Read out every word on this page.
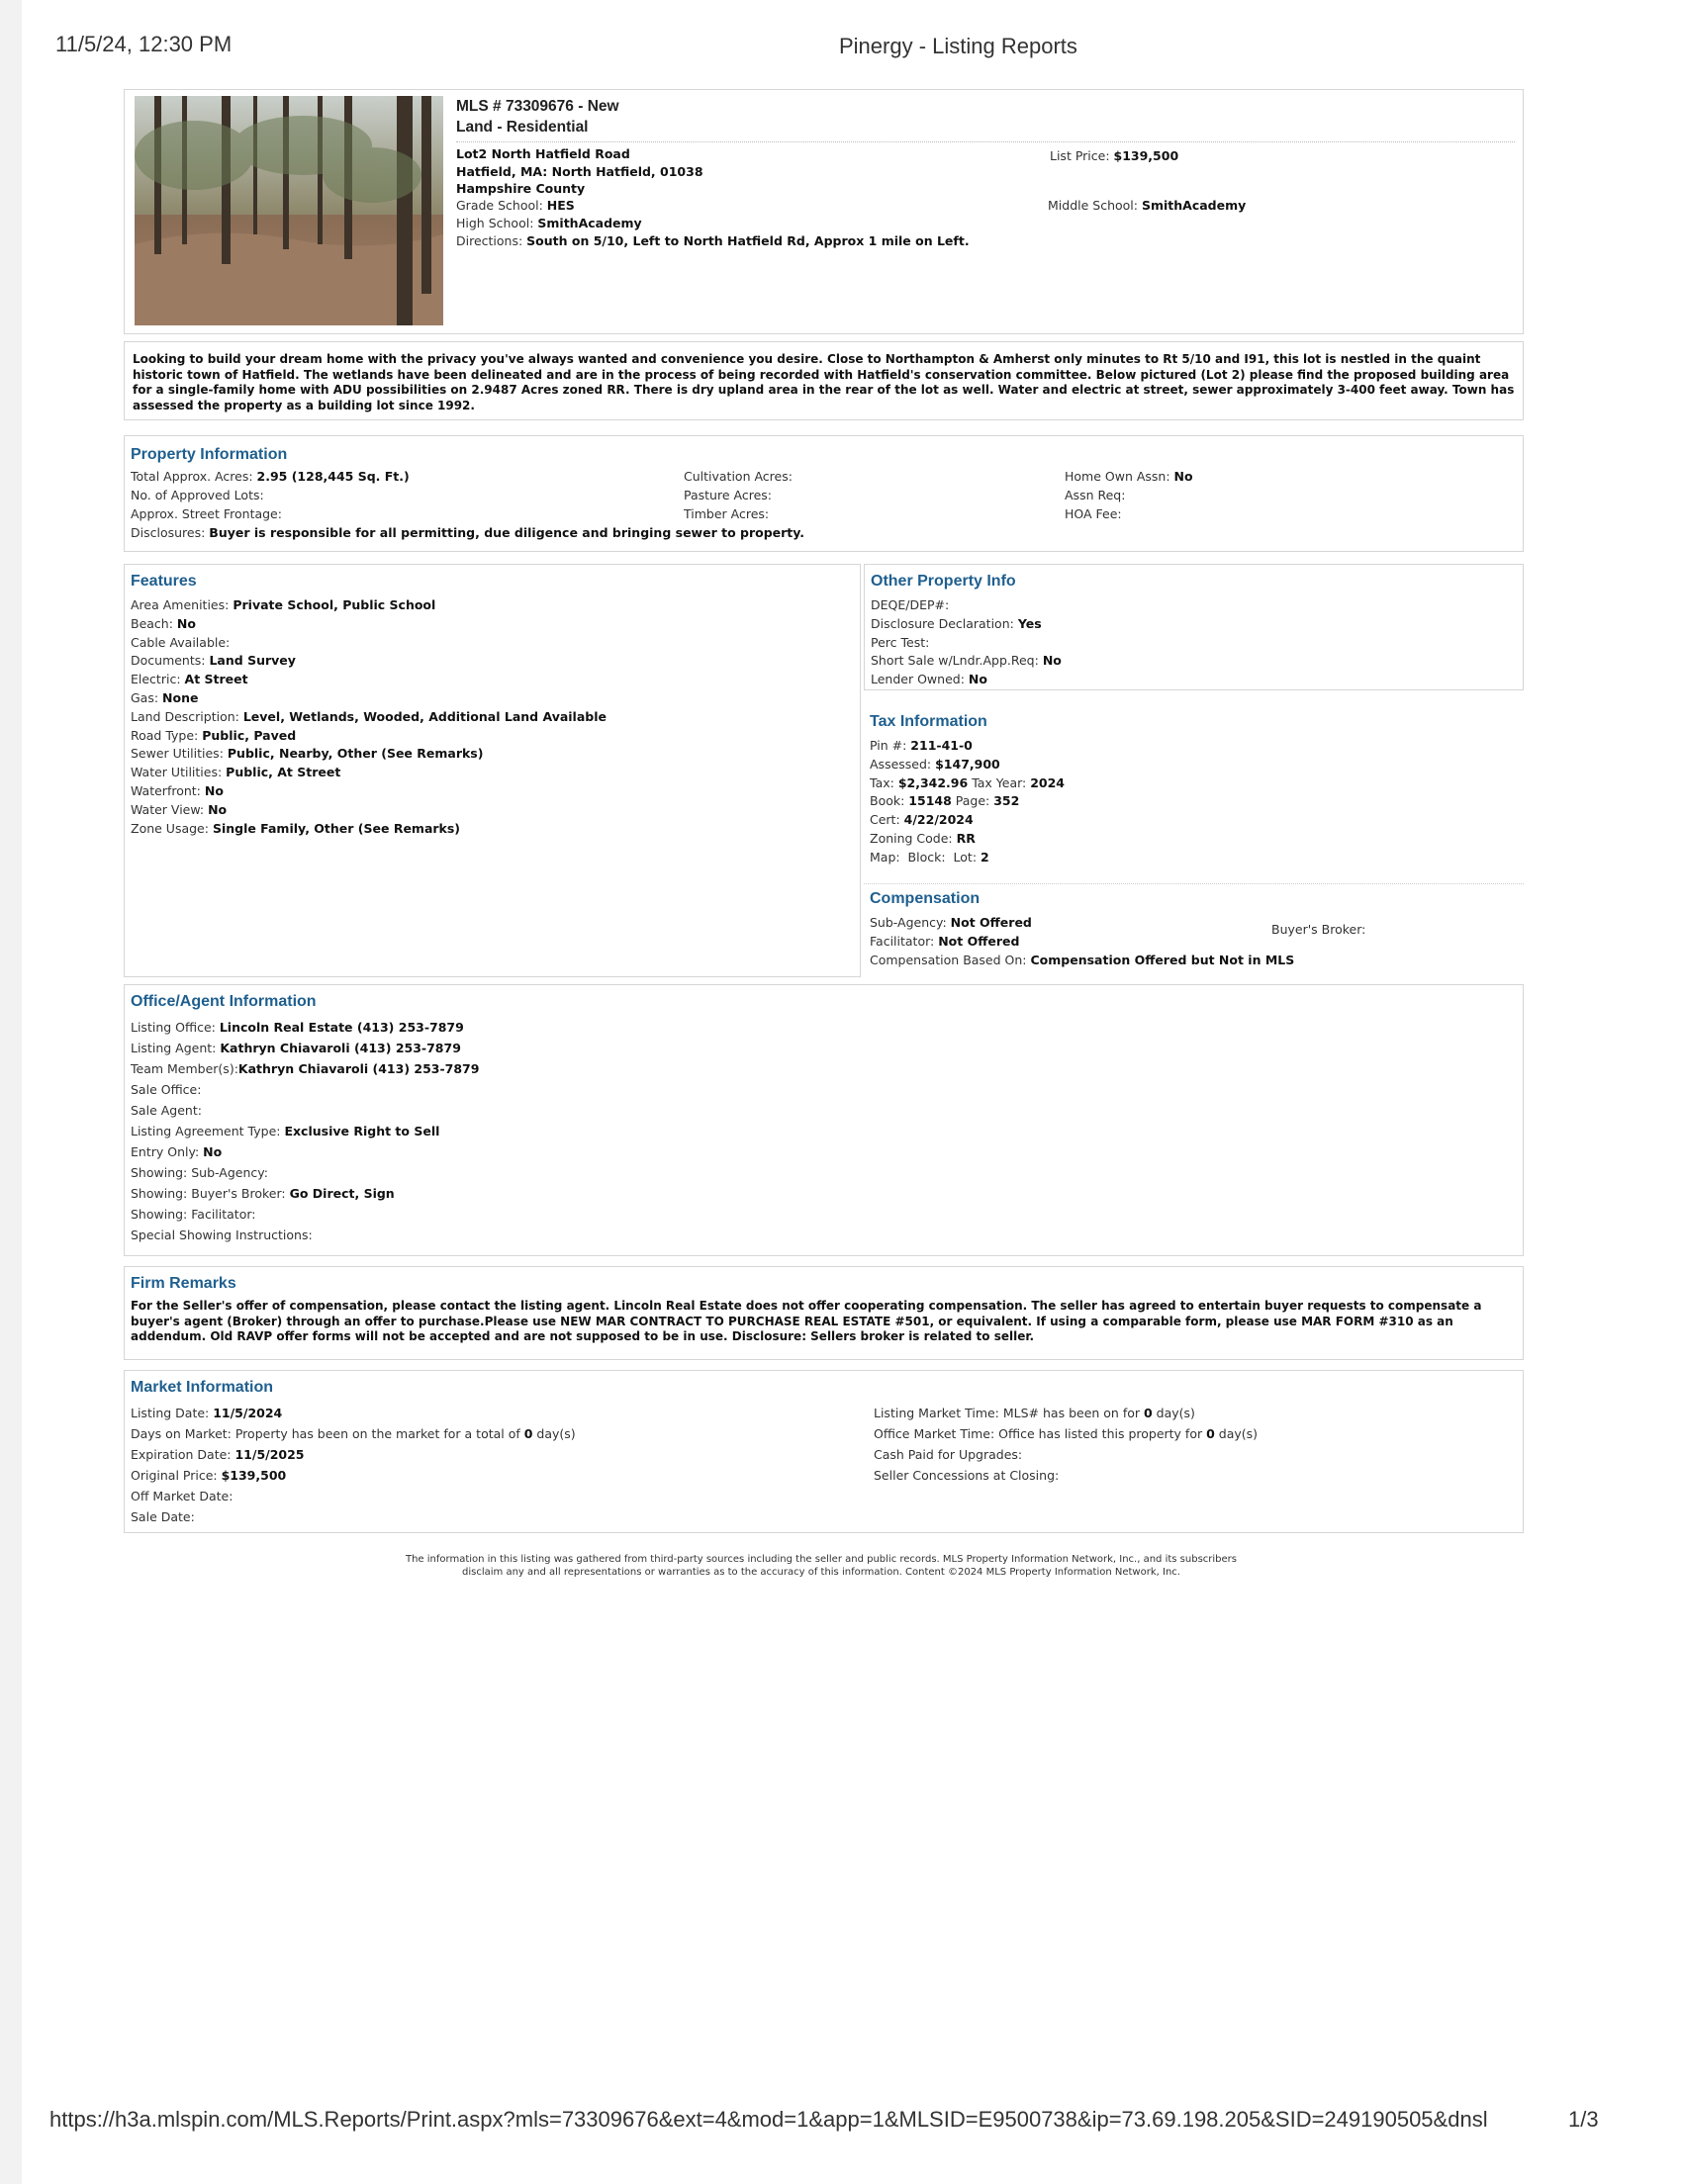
11/5/24, 12:30 PM	Pinergy - Listing Reports
MLS # 73309676 - New
Land - Residential
Lot2 North Hatfield Road
Hatfield, MA: North Hatfield, 01038
Hampshire County
Grade School: HES
High School: SmithAcademy
Directions: South on 5/10, Left to North Hatfield Rd, Approx 1 mile on Left.
List Price: $139,500
Middle School: SmithAcademy
Looking to build your dream home with the privacy you've always wanted and convenience you desire. Close to Northampton & Amherst only minutes to Rt 5/10 and I91, this lot is nestled in the quaint historic town of Hatfield. The wetlands have been delineated and are in the process of being recorded with Hatfield's conservation committee. Below pictured (Lot 2) please find the proposed building area for a single-family home with ADU possibilities on 2.9487 Acres zoned RR. There is dry upland area in the rear of the lot as well. Water and electric at street, sewer approximately 3-400 feet away. Town has assessed the property as a building lot since 1992.
Property Information
Total Approx. Acres: 2.95 (128,445 Sq. Ft.)
No. of Approved Lots:
Approx. Street Frontage:
Cultivation Acres:
Pasture Acres:
Timber Acres:
Home Own Assn: No
Assn Req:
HOA Fee:
Disclosures: Buyer is responsible for all permitting, due diligence and bringing sewer to property.
Features
Area Amenities: Private School, Public School
Beach: No
Cable Available:
Documents: Land Survey
Electric: At Street
Gas: None
Land Description: Level, Wetlands, Wooded, Additional Land Available
Road Type: Public, Paved
Sewer Utilities: Public, Nearby, Other (See Remarks)
Water Utilities: Public, At Street
Waterfront: No
Water View: No
Zone Usage: Single Family, Other (See Remarks)
Other Property Info
DEQE/DEP#:
Disclosure Declaration: Yes
Perc Test:
Short Sale w/Lndr.App.Req: No
Lender Owned: No
Tax Information
Pin #: 211-41-0
Assessed: $147,900
Tax: $2,342.96 Tax Year: 2024
Book: 15148 Page: 352
Cert: 4/22/2024
Zoning Code: RR
Map: Block: Lot: 2
Compensation
Sub-Agency: Not Offered	Buyer's Broker:
Facilitator: Not Offered
Compensation Based On: Compensation Offered but Not in MLS
Office/Agent Information
Listing Office: Lincoln Real Estate (413) 253-7879
Listing Agent: Kathryn Chiavaroli (413) 253-7879
Team Member(s):Kathryn Chiavaroli (413) 253-7879
Sale Office:
Sale Agent:
Listing Agreement Type: Exclusive Right to Sell
Entry Only: No
Showing: Sub-Agency:
Showing: Buyer's Broker: Go Direct, Sign
Showing: Facilitator:
Special Showing Instructions:
Firm Remarks
For the Seller's offer of compensation, please contact the listing agent. Lincoln Real Estate does not offer cooperating compensation. The seller has agreed to entertain buyer requests to compensate a buyer's agent (Broker) through an offer to purchase.Please use NEW MAR CONTRACT TO PURCHASE REAL ESTATE #501, or equivalent. If using a comparable form, please use MAR FORM #310 as an addendum. Old RAVP offer forms will not be accepted and are not supposed to be in use. Disclosure: Sellers broker is related to seller.
Market Information
Listing Date: 11/5/2024
Days on Market: Property has been on the market for a total of 0 day(s)
Expiration Date: 11/5/2025
Original Price: $139,500
Off Market Date:
Sale Date:
Listing Market Time: MLS# has been on for 0 day(s)
Office Market Time: Office has listed this property for 0 day(s)
Cash Paid for Upgrades:
Seller Concessions at Closing:
The information in this listing was gathered from third-party sources including the seller and public records. MLS Property Information Network, Inc., and its subscribers
disclaim any and all representations or warranties as to the accuracy of this information. Content ©2024 MLS Property Information Network, Inc.
https://h3a.mlspin.com/MLS.Reports/Print.aspx?mls=73309676&ext=4&mod=1&app=1&MLSID=E9500738&ip=73.69.198.205&SID=249190505&dnsl	1/3
